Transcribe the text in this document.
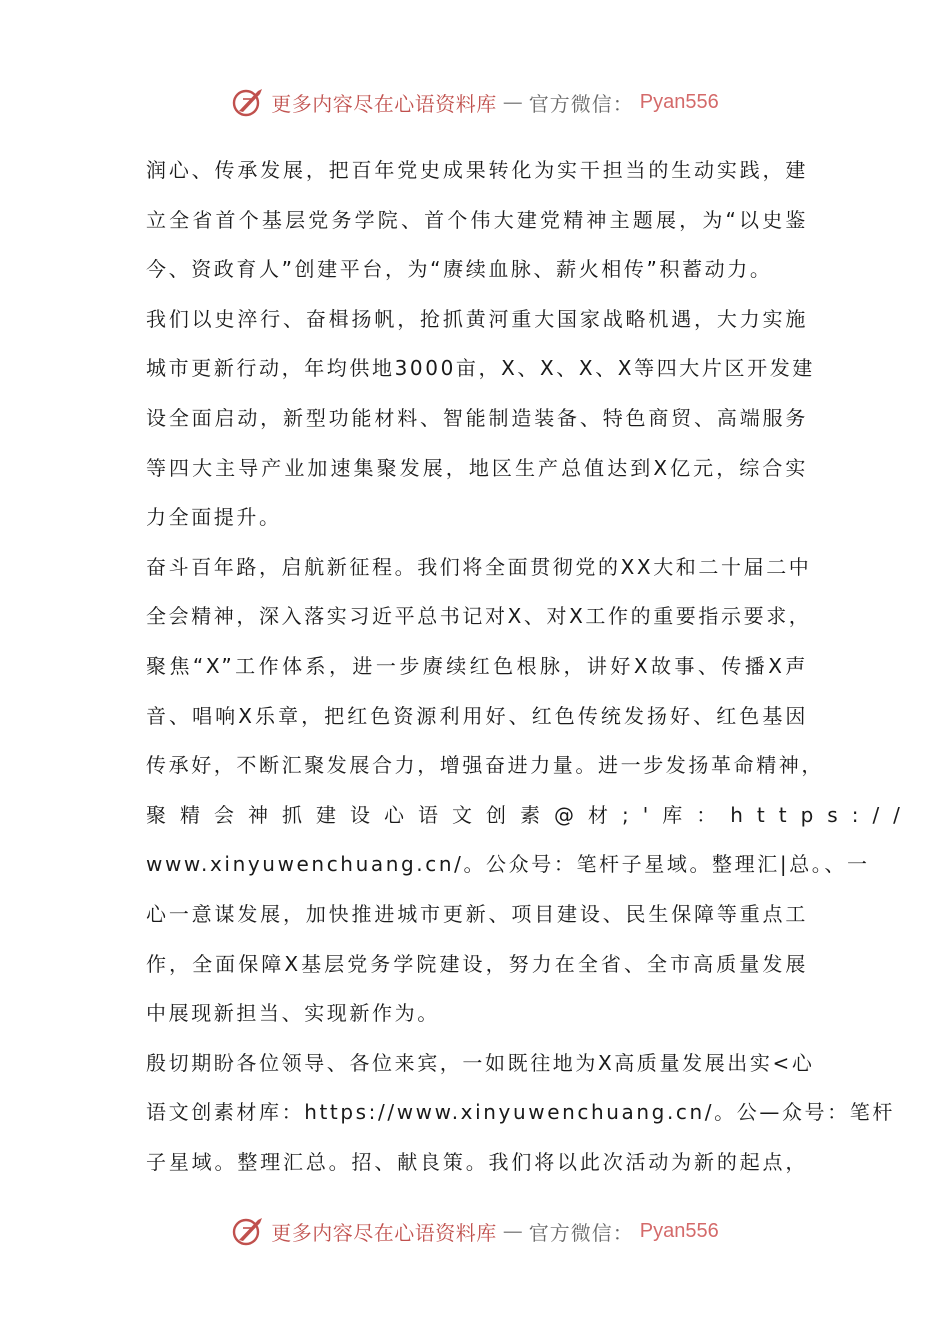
更多内容尽在心语资料库 — 官方微信： Pyan556
润心、传承发展，把百年党史成果转化为实干担当的生动实践，建
立全省首个基层党务学院、首个伟大建党精神主题展，为“以史鉴
今、资政育人”创建平台，为“赓续血脉、薪火相传”积蓄动力。
我们以史淬行、奋楫扬帆，抢抓黄河重大国家战略机遇，大力实施
城市更新行动，年均供地3000亩，X、X、X、X等四大片区开发建
设全面启动，新型功能材料、智能制造装备、特色商贸、高端服务
等四大主导产业加速集聚发展，地区生产总值达到X亿元，综合实
力全面提升。
奋斗百年路，启航新征程。我们将全面贯彻党的XX大和二十届二中
全会精神，深入落实习近平总书记对X、对X工作的重要指示要求，
聚焦“X”工作体系，进一步赓续红色根脉，讲好X故事、传播X声
音、唱响X乐章，把红色资源利用好、红色传统发扬好、红色基因
传承好，不断汇聚发展合力，增强奋进力量。进一步发扬革命精神，
聚精会神抓建设心语文创素@材;'库：https://
www.xinyuwenchuang.cn/。公众号：笔杆子星域。整理汇|总。、一
心一意谋发展，加快推进城市更新、项目建设、民生保障等重点工
作，全面保障X基层党务学院建设，努力在全省、全市高质量发展
中展现新担当、实现新作为。
殷切期盼各位领导、各位来宾，一如既往地为X高质量发展出实<心
语文创素材库：https://www.xinyuwenchuang.cn/。公—众号：笔杆
子星域。整理汇总。招、献良策。我们将以此次活动为新的起点，
更多内容尽在心语资料库 — 官方微信： Pyan556
